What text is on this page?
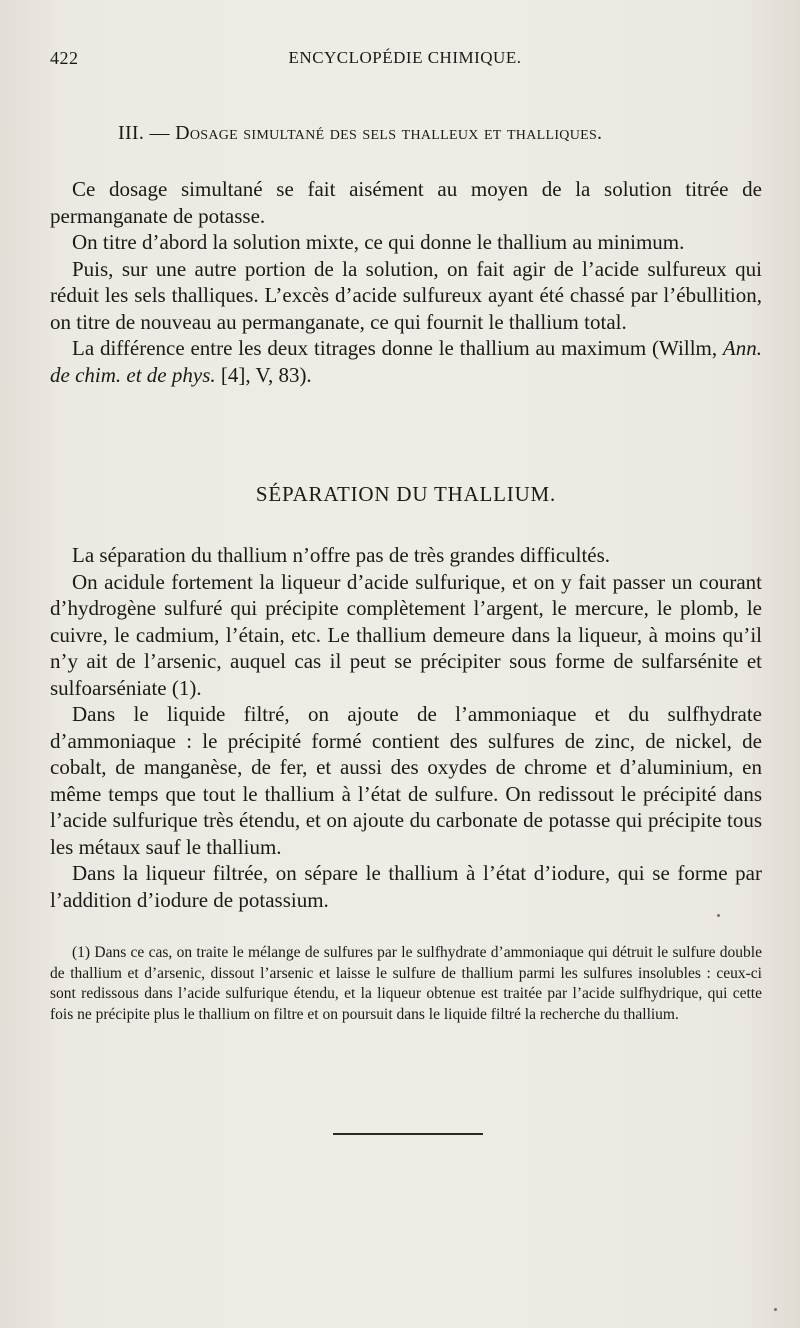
422	ENCYCLOPÉDIE CHIMIQUE.
III. — Dosage simultané des sels thalleux et thalliques.

Ce dosage simultané se fait aisément au moyen de la solution titrée de permanganate de potasse.

On titre d’abord la solution mixte, ce qui donne le thallium au minimum.

Puis, sur une autre portion de la solution, on fait agir de l’acide sulfureux qui réduit les sels thalliques. L’excès d’acide sulfureux ayant été chassé par l’ébullition, on titre de nouveau au permanganate, ce qui fournit le thallium total.

La différence entre les deux titrages donne le thallium au maximum (Willm, Ann. de chim. et de phys. [4], V, 83).

SÉPARATION DU THALLIUM.

La séparation du thallium n’offre pas de très grandes difficultés.

On acidule fortement la liqueur d’acide sulfurique, et on y fait passer un courant d’hydrogène sulfuré qui précipite complètement l’argent, le mercure, le plomb, le cuivre, le cadmium, l’étain, etc. Le thallium demeure dans la liqueur, à moins qu’il n’y ait de l’arsenic, auquel cas il peut se précipiter sous forme de sulfarsénite et sulfoarséniate (1).

Dans le liquide filtré, on ajoute de l’ammoniaque et du sulfhydrate d’ammoniaque : le précipité formé contient des sulfures de zinc, de nickel, de cobalt, de manganèse, de fer, et aussi des oxydes de chrome et d’aluminium, en même temps que tout le thallium à l’état de sulfure. On redissout le précipité dans l’acide sulfurique très étendu, et on ajoute du carbonate de potasse qui précipite tous les métaux sauf le thallium.

Dans la liqueur filtrée, on sépare le thallium à l’état d’iodure, qui se forme par l’addition d’iodure de potassium.

(1) Dans ce cas, on traite le mélange de sulfures par le sulfhydrate d’ammoniaque qui détruit le sulfure double de thallium et d’arsenic, dissout l’arsenic et laisse le sulfure de thallium parmi les sulfures insolubles : ceux-ci sont redissous dans l’acide sulfurique étendu, et la liqueur obtenue est traitée par l’acide sulfhydrique, qui cette fois ne précipite plus le thallium on filtre et on poursuit dans le liquide filtré la recherche du thallium.
